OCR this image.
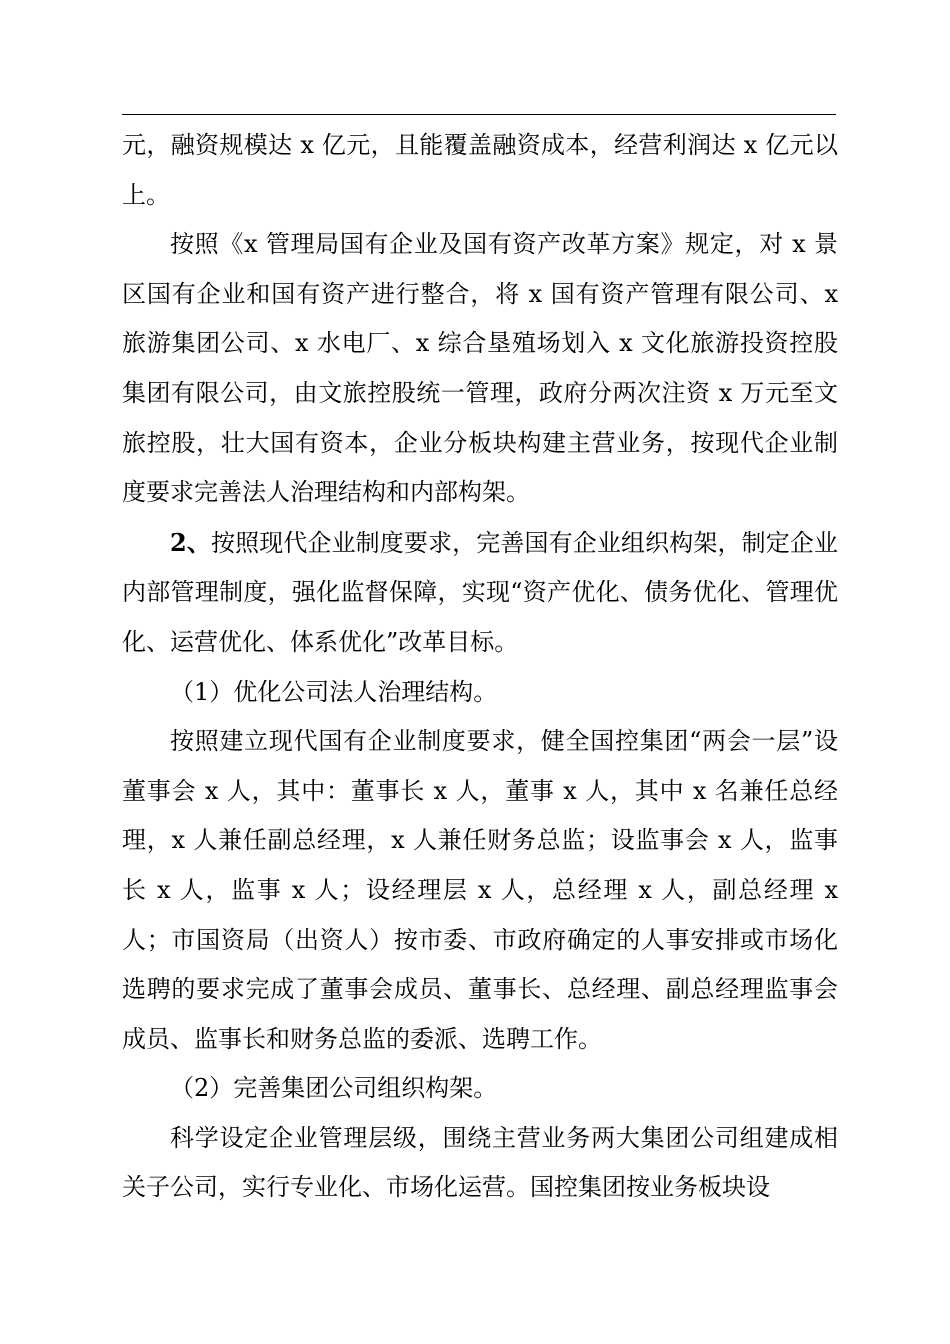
元，融资规模达 x 亿元，且能覆盖融资成本，经营利润达 x 亿元以上。

按照《x 管理局国有企业及国有资产改革方案》规定，对 x 景区国有企业和国有资产进行整合，将 x 国有资产管理有限公司、x 旅游集团公司、x 水电厂、x 综合垦殖场划入 x 文化旅游投资控股集团有限公司，由文旅控股统一管理，政府分两次注资 x 万元至文旅控股，壮大国有资本，企业分板块构建主营业务，按现代企业制度要求完善法人治理结构和内部构架。

2、按照现代企业制度要求，完善国有企业组织构架，制定企业内部管理制度，强化监督保障，实现“资产优化、债务优化、管理优化、运营优化、体系优化”改革目标。

（1）优化公司法人治理结构。

按照建立现代国有企业制度要求，健全国控集团“两会一层”设董事会 x 人，其中：董事长 x 人，董事 x 人，其中 x 名兼任总经理，x 人兼任副总经理，x 人兼任财务总监；设监事会 x 人，监事长 x 人，监事 x 人；设经理层 x 人，总经理 x 人，副总经理 x 人；市国资局（出资人）按市委、市政府确定的人事安排或市场化选聘的要求完成了董事会成员、董事长、总经理、副总经理监事会成员、监事长和财务总监的委派、选聘工作。

（2）完善集团公司组织构架。

科学设定企业管理层级，围绕主营业务两大集团公司组建成相关子公司，实行专业化、市场化运营。国控集团按业务板块设
